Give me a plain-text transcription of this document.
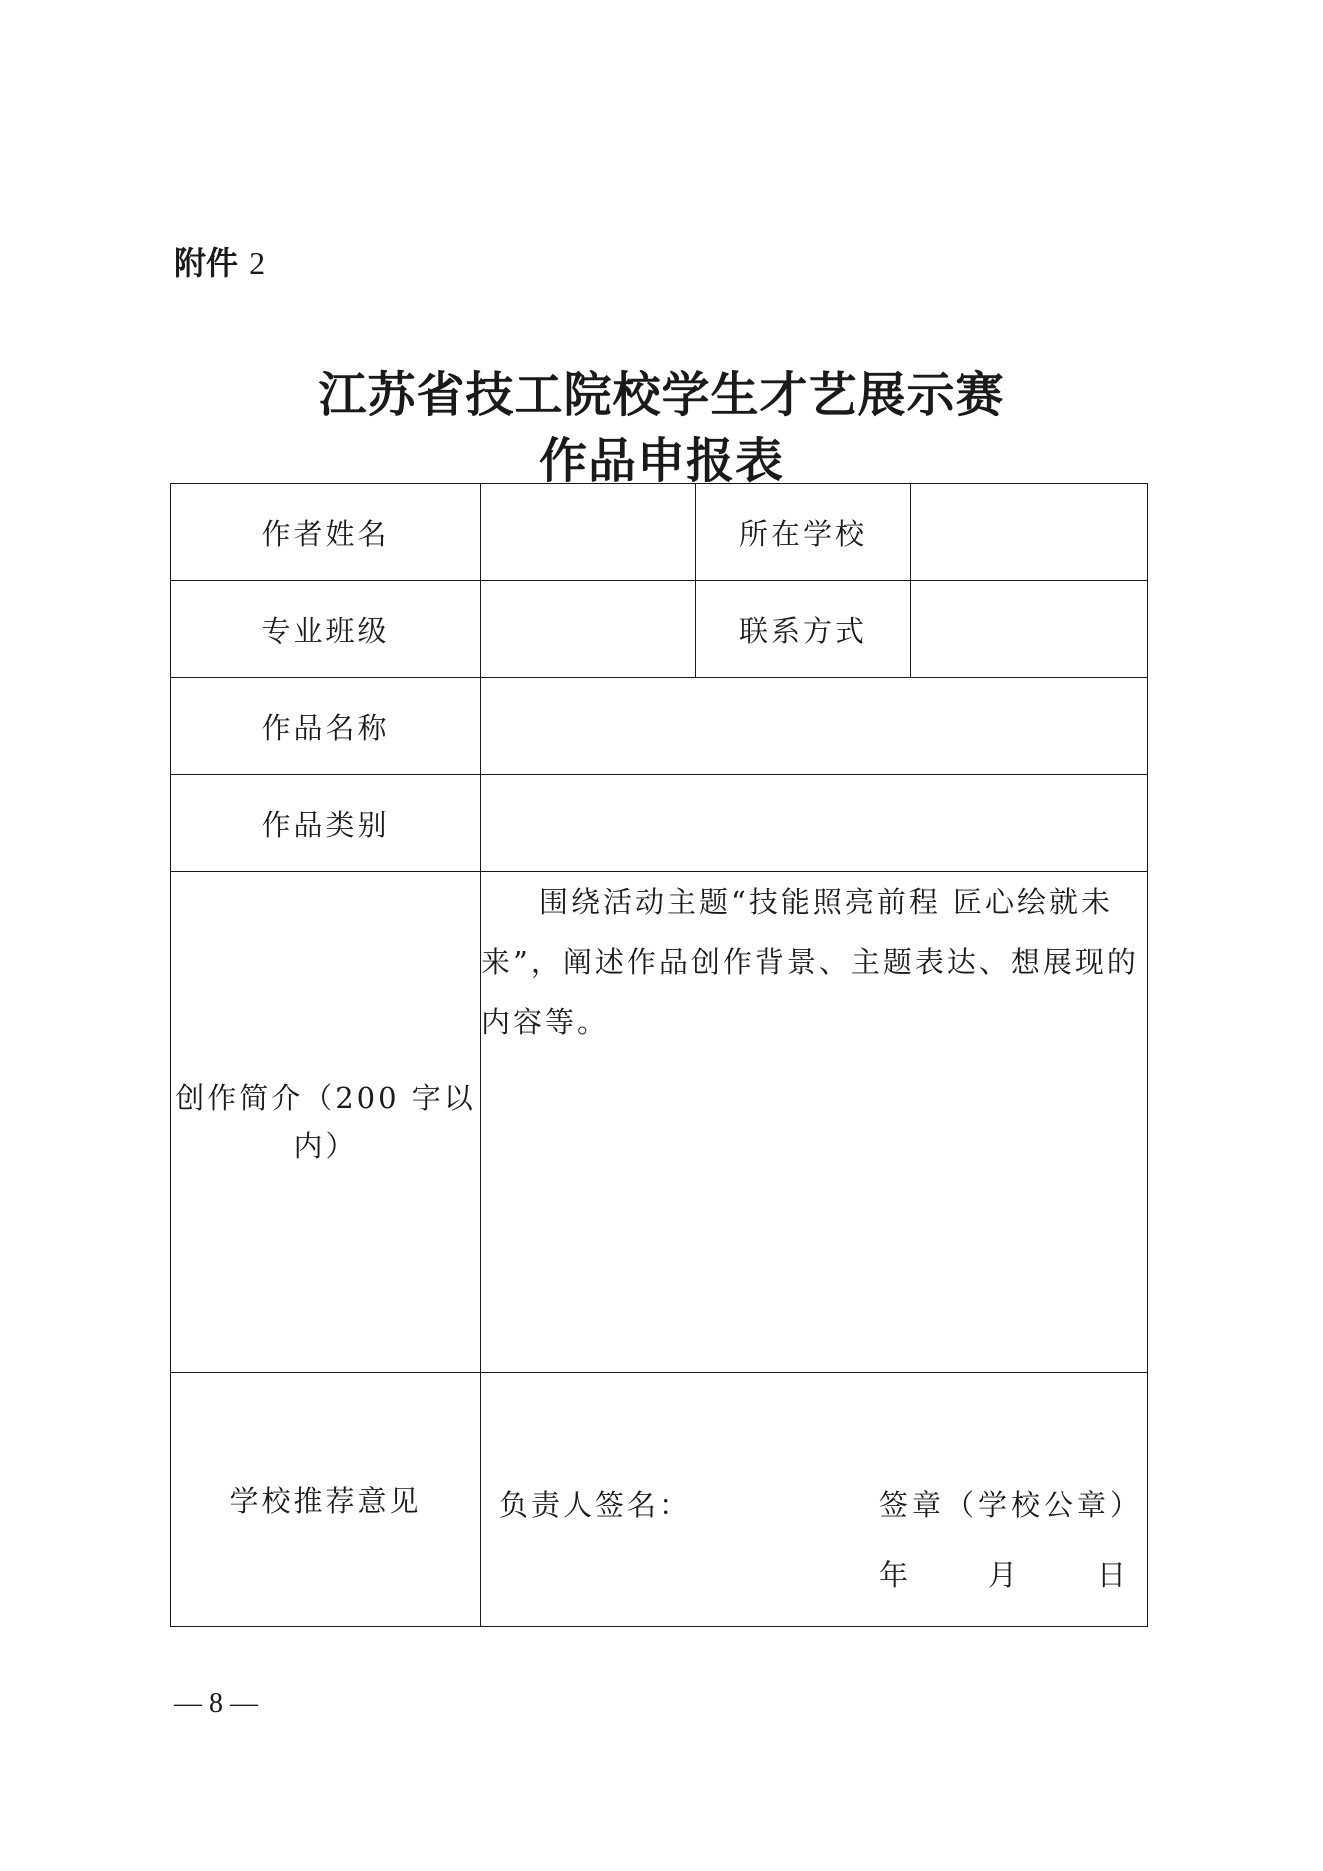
附件 2
江苏省技工院校学生才艺展示赛
作品申报表
作者姓名		所在学校	
专业班级		联系方式	
作品名称			
作品类别			
创作简介（200 字以内）	围绕活动主题“技能照亮前程 匠心绘就未来”，阐述作品创作背景、主题表达、想展现的内容等。		
学校推荐意见	负责人签名： 签章（学校公章）
年 月 日		
— 8 —
